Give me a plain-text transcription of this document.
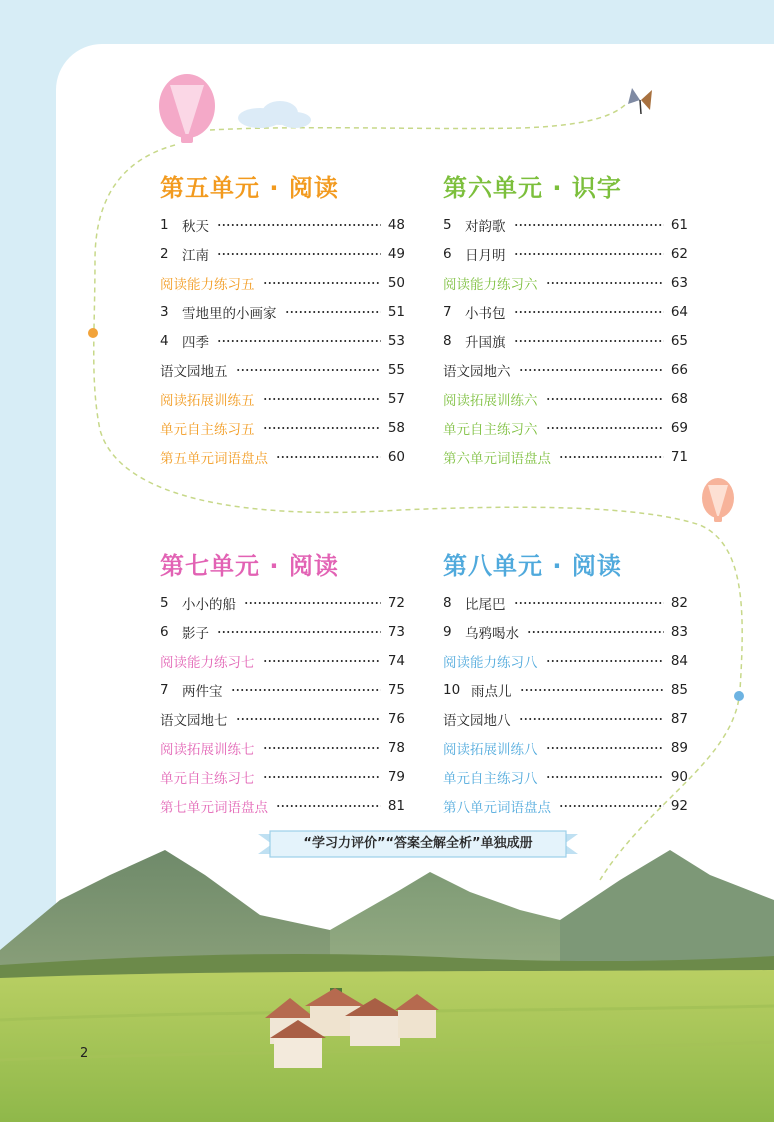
第五单元 · 阅读
1 秋天	48
2 江南	49
阅读能力练习五	50
3 雪地里的小画家	51
4 四季	53
语文园地五	55
阅读拓展训练五	57
单元自主练习五	58
第五单元词语盘点	60
第六单元 · 识字
5 对韵歌	61
6 日月明	62
阅读能力练习六	63
7 小书包	64
8 升国旗	65
语文园地六	66
阅读拓展训练六	68
单元自主练习六	69
第六单元词语盘点	71
第七单元 · 阅读
5 小小的船	72
6 影子	73
阅读能力练习七	74
7 两件宝	75
语文园地七	76
阅读拓展训练七	78
单元自主练习七	79
第七单元词语盘点	81
第八单元 · 阅读
8 比尾巴	82
9 乌鸦喝水	83
阅读能力练习八	84
10 雨点儿	85
语文园地八	87
阅读拓展训练八	89
单元自主练习八	90
第八单元词语盘点	92
“学习力评价”“答案全解全析”单独成册
2
